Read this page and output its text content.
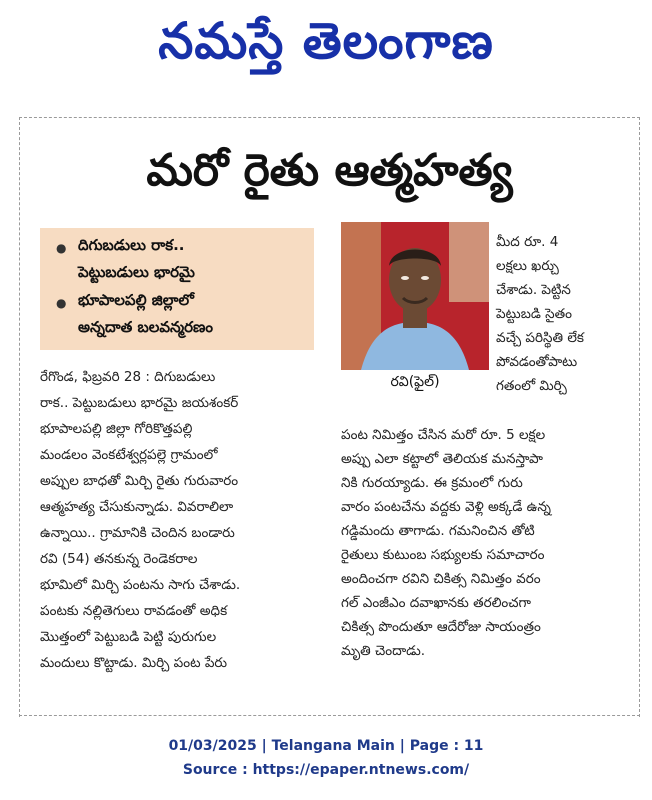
నమస్తే తెలంగాణ
మరో రైతు ఆత్మహత్య
● దిగుబడులు రాక..
పెట్టుబడులు భారమై
● భూపాలపల్లి జిల్లాలో
అన్నదాత బలవన్మరణం
రవి(ఫైల్)
మీద రూ. 4
లక్షలు ఖర్చు
చేశాడు. పెట్టిన
పెట్టుబడి సైతం
వచ్చే పరిస్థితి లేక
పోవడంతోపాటు
గతంలో మిర్చి
పంట నిమిత్తం చేసిన మరో రూ. 5 లక్షల
అప్పు ఎలా కట్టాలో తెలియక మనస్తాపా
నికి గురయ్యాడు. ఈ క్రమంలో గురు
వారం పంటచేను వద్దకు వెళ్లి అక్కడే ఉన్న
గడ్డిమందు తాగాడు. గమనించిన తోటి
రైతులు కుటుంబ సభ్యులకు సమాచారం
అందించగా రవిని చికిత్స నిమిత్తం వరం
గల్ ఎంజీఎం దవాఖానకు తరలించగా
చికిత్స పొందుతూ ఆదేరోజు సాయంత్రం
మృతి చెందాడు.
రేగొండ, ఫిబ్రవరి 28 : దిగుబడులు
రాక.. పెట్టుబడులు భారమై జయశంకర్
భూపాలపల్లి జిల్లా గోరికొత్తపల్లి
మండలం వెంకటేశ్వర్లపల్లె గ్రామంలో
అప్పుల బాధతో మిర్చి రైతు గురువారం
ఆత్మహత్య చేసుకున్నాడు. వివరాలిలా
ఉన్నాయి.. గ్రామానికి చెందిన బండారు
రవి (54) తనకున్న రెండెకరాల
భూమిలో మిర్చి పంటను సాగు చేశాడు.
పంటకు నల్లితెగులు రావడంతో అధిక
మొత్తంలో పెట్టుబడి పెట్టి పురుగుల
మందులు కొట్టాడు. మిర్చి పంట పేరు
01/03/2025 | Telangana Main | Page : 11
Source : https://epaper.ntnews.com/
